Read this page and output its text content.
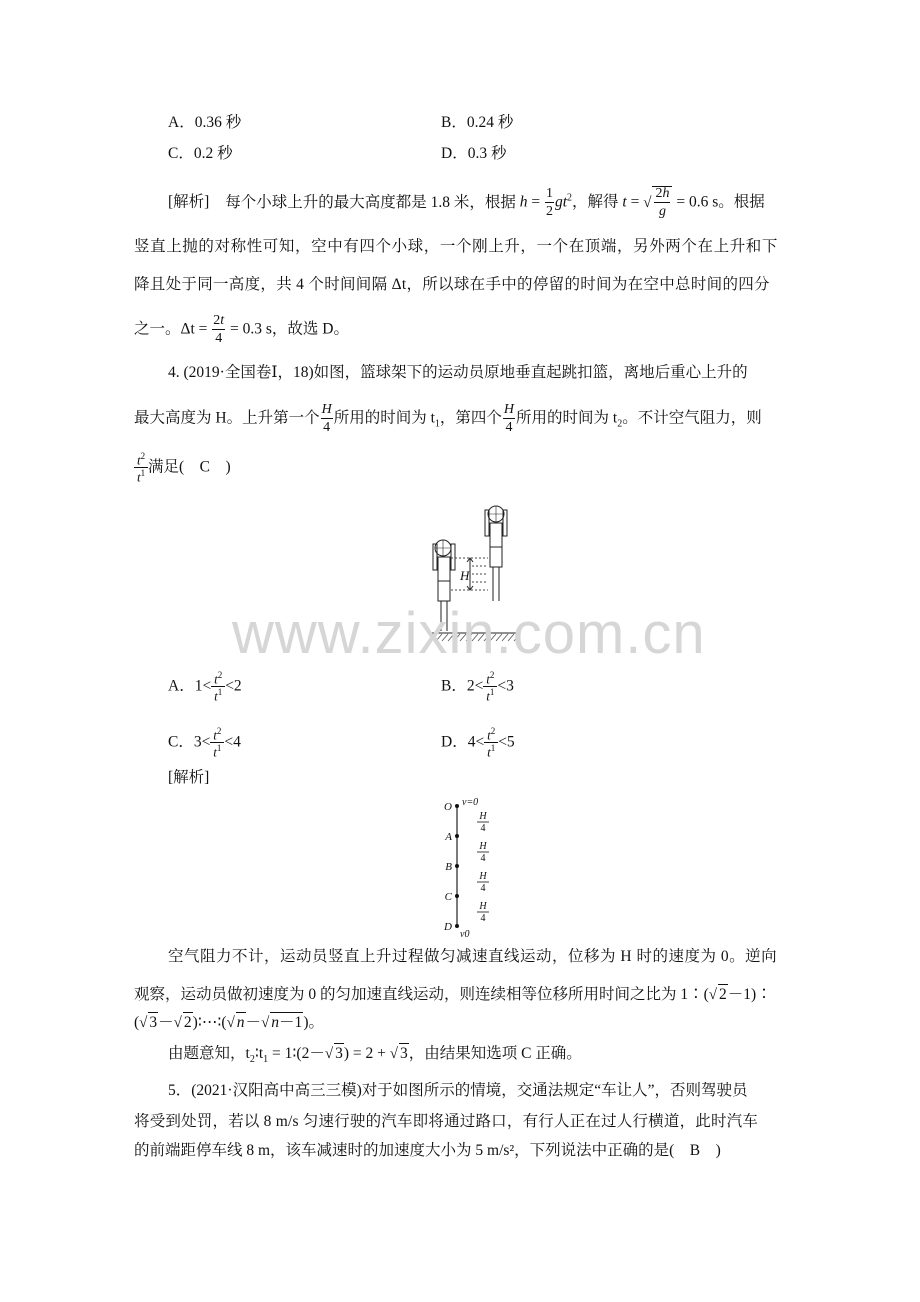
A．0.36 秒	B．0.24 秒
C．0.2 秒	D．0.3 秒
[解析] 每个小球上升的最大高度都是 1.8 米，根据 $h = \frac{1}{2} gt^2$，解得 t = √ $\frac{2h}{g} = 0.6$ s。根据
竖直上抛的对称性可知，空中有四个小球，一个刚上升，一个在顶端，另外两个在上升和下
降且处于同一高度，共 4 个时间间隔 Δt，所以球在手中的停留的时间为在空中总时间的四分
之一。$\Delta t = \frac{2t}{4} = 0.3$ s，故选 D。
4. (2019·全国卷Ⅰ，18)如图，篮球架下的运动员原地垂直起跳扣篮，离地后重心上升的
最大高度为 H。上升第一个 $\frac{H}{4}$ 所用的时间为 $t_1$，第四个 $\frac{H}{4}$ 所用的时间为 $t_2$。不计空气阻力，则
$\frac{t^2}{t^1}$ 满足(　C　)
H
www.zixin.com.cn
A．$1< \frac{t^2}{t^1} <2$	B．$2< \frac{t^2}{t^1} <3$
C．$3< \frac{t^2}{t^1} <4$	D．$4< \frac{t^2}{t^1} <5$
[解析]
O
A
B
C
D
v=0
v0
H
4
H
4
H
4
H
4
空气阻力不计，运动员竖直上升过程做匀减速直线运动，位移为 H 时的速度为 0。逆向
观察，运动员做初速度为 0 的匀加速直线运动，则连续相等位移所用时间之比为 1∶(√ 2－1)∶
(√ 3－√ 2)∶⋯∶(√ n－√ n－1)。
由题意知，$t_2∶t_1$ = 1∶(2－√ 3) = 2 + √ 3，由结果知选项 C 正确。
5．(2021·汉阳高中高三三模)对于如图所示的情境，交通法规定“车让人”，否则驾驶员
将受到处罚，若以 8 m/s 匀速行驶的汽车即将通过路口，有行人正在过人行横道，此时汽车
的前端距停车线 8 m，该车减速时的加速度大小为 5 m/s²，下列说法中正确的是(　B　)
